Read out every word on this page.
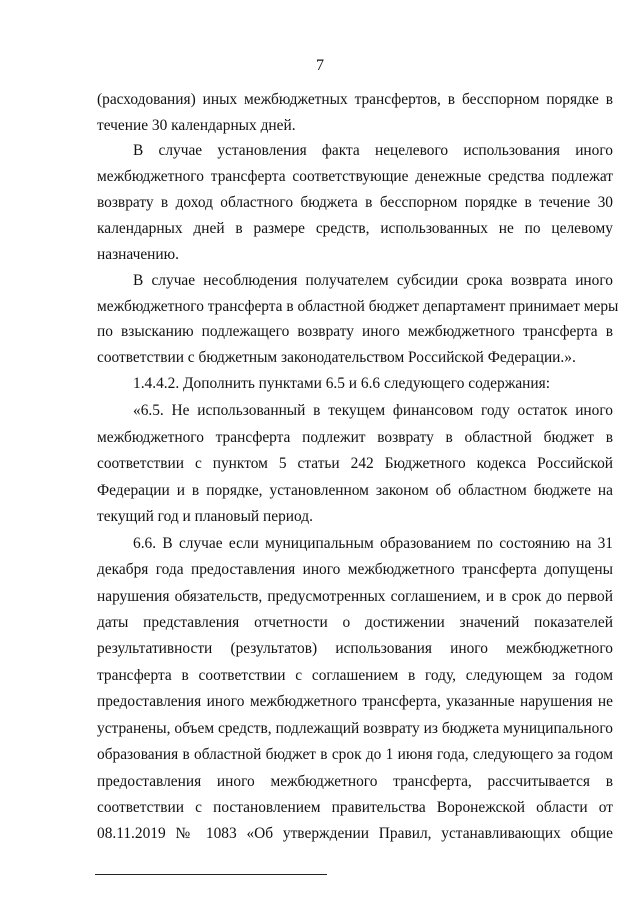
7
(расходования) иных межбюджетных трансфертов, в бесспорном порядке в
течение 30 календарных дней.
В случае установления факта нецелевого использования иного
межбюджетного трансферта соответствующие денежные средства подлежат
возврату в доход областного бюджета в бесспорном порядке в течение 30
календарных дней в размере средств, использованных не по целевому
назначению.
В случае несоблюдения получателем субсидии срока возврата иного
межбюджетного трансферта в областной бюджет департамент принимает меры
по взысканию подлежащего возврату иного межбюджетного трансферта в
соответствии с бюджетным законодательством Российской Федерации.».
1.4.4.2. Дополнить пунктами 6.5 и 6.6 следующего содержания:
«6.5. Не использованный в текущем финансовом году остаток иного
межбюджетного трансферта подлежит возврату в областной бюджет в
соответствии с пунктом 5 статьи 242 Бюджетного кодекса Российской
Федерации и в порядке, установленном законом об областном бюджете на
текущий год и плановый период.
6.6. В случае если муниципальным образованием по состоянию на 31
декабря года предоставления иного межбюджетного трансферта допущены
нарушения обязательств, предусмотренных соглашением, и в срок до первой
даты представления отчетности о достижении значений показателей
результативности (результатов) использования иного межбюджетного
трансферта в соответствии с соглашением в году, следующем за годом
предоставления иного межбюджетного трансферта, указанные нарушения не
устранены, объем средств, подлежащий возврату из бюджета муниципального
образования в областной бюджет в срок до 1 июня года, следующего за годом
предоставления иного межбюджетного трансферта, рассчитывается в
соответствии с постановлением правительства Воронежской области от
08.11.2019 № 1083 «Об утверждении Правил, устанавливающих общие
